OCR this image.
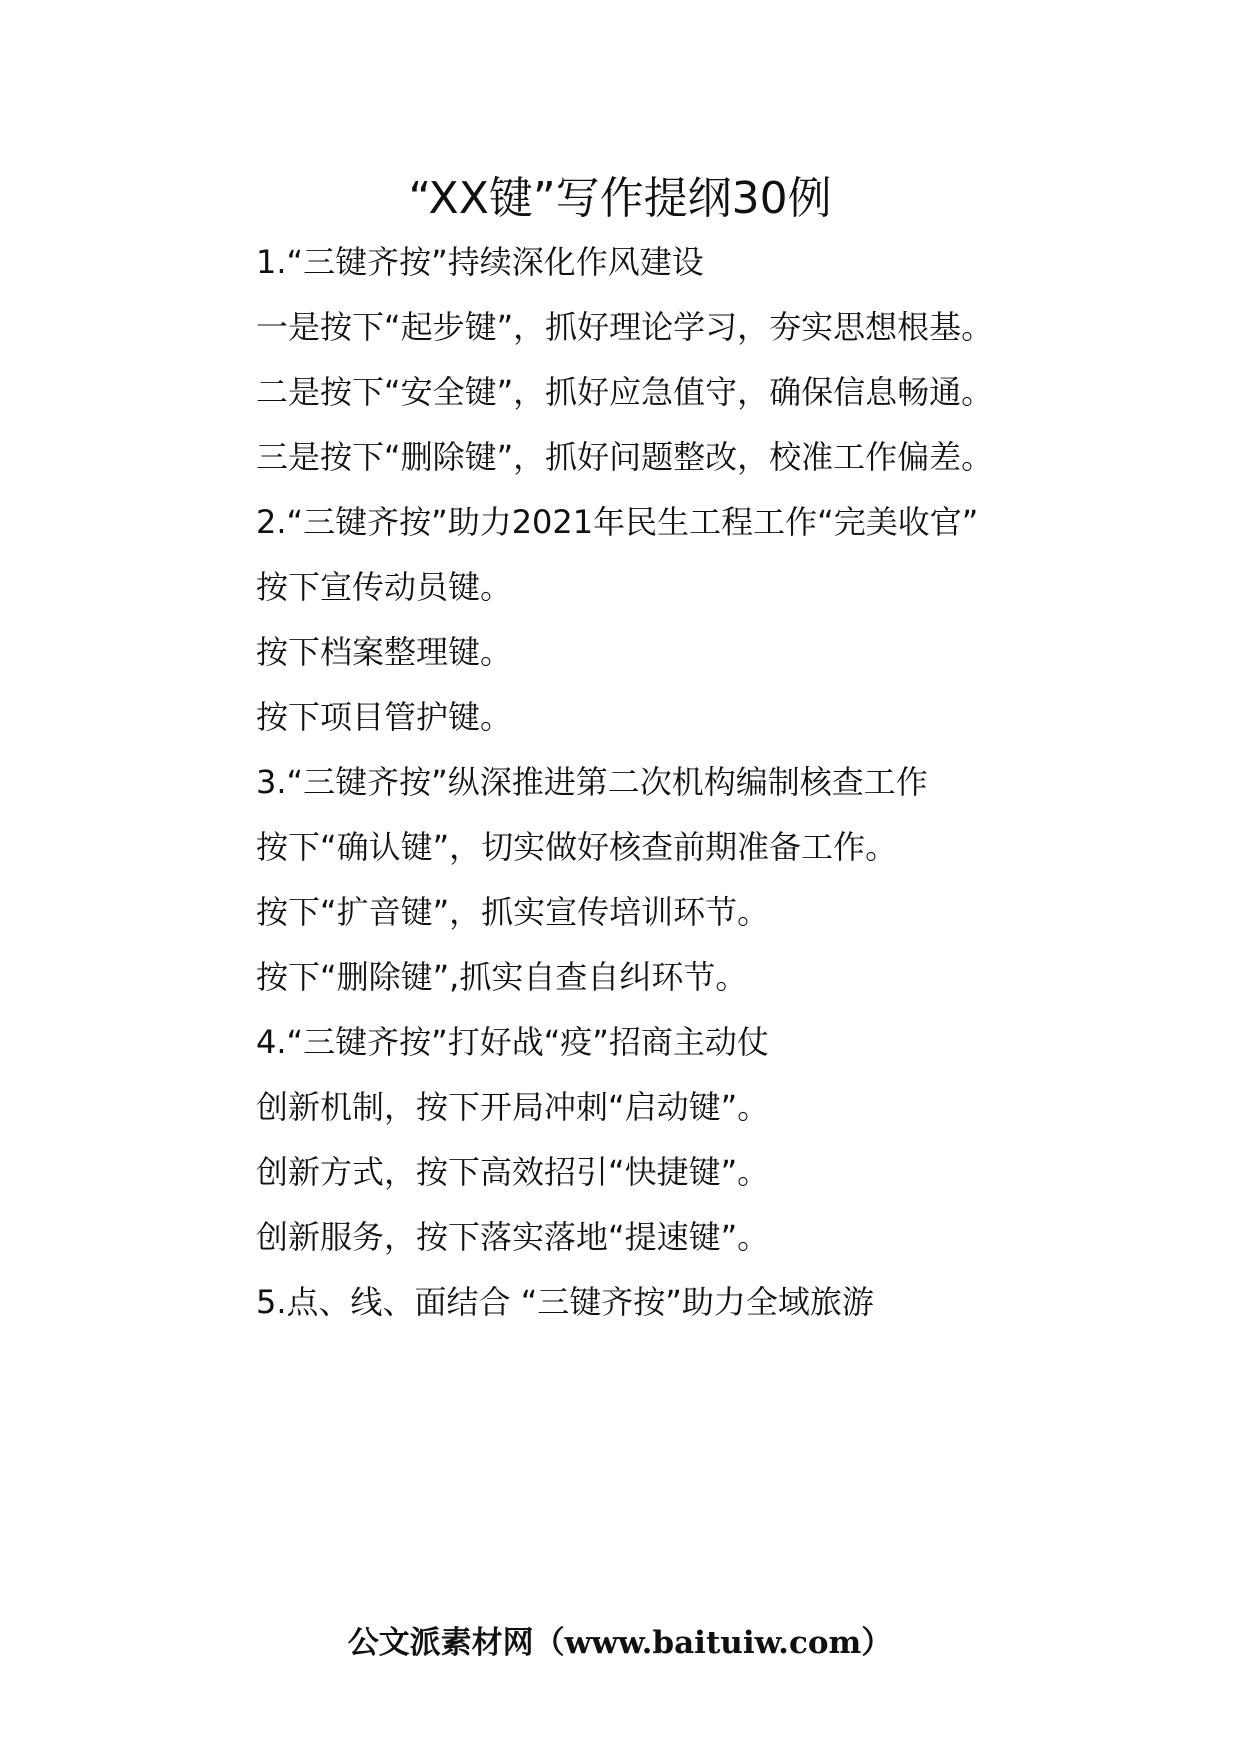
“XX键”写作提纲30例

1.“三键齐按”持续深化作风建设

一是按下“起步键”，抓好理论学习，夯实思想根基。

二是按下“安全键”，抓好应急值守，确保信息畅通。

三是按下“删除键”，抓好问题整改，校准工作偏差。

2.“三键齐按”助力2021年民生工程工作“完美收官”

按下宣传动员键。

按下档案整理键。

按下项目管护键。

3.“三键齐按”纵深推进第二次机构编制核查工作

按下“确认键”，切实做好核查前期准备工作。

按下“扩音键”，抓实宣传培训环节。

按下“删除键”,抓实自查自纠环节。

4.“三键齐按”打好战“疫”招商主动仗

创新机制，按下开局冲刺“启动键”。

创新方式，按下高效招引“快捷键”。

创新服务，按下落实落地“提速键”。

5.点、线、面结合 “三键齐按”助力全域旅游

公文派素材网（www.baituiw.com）
